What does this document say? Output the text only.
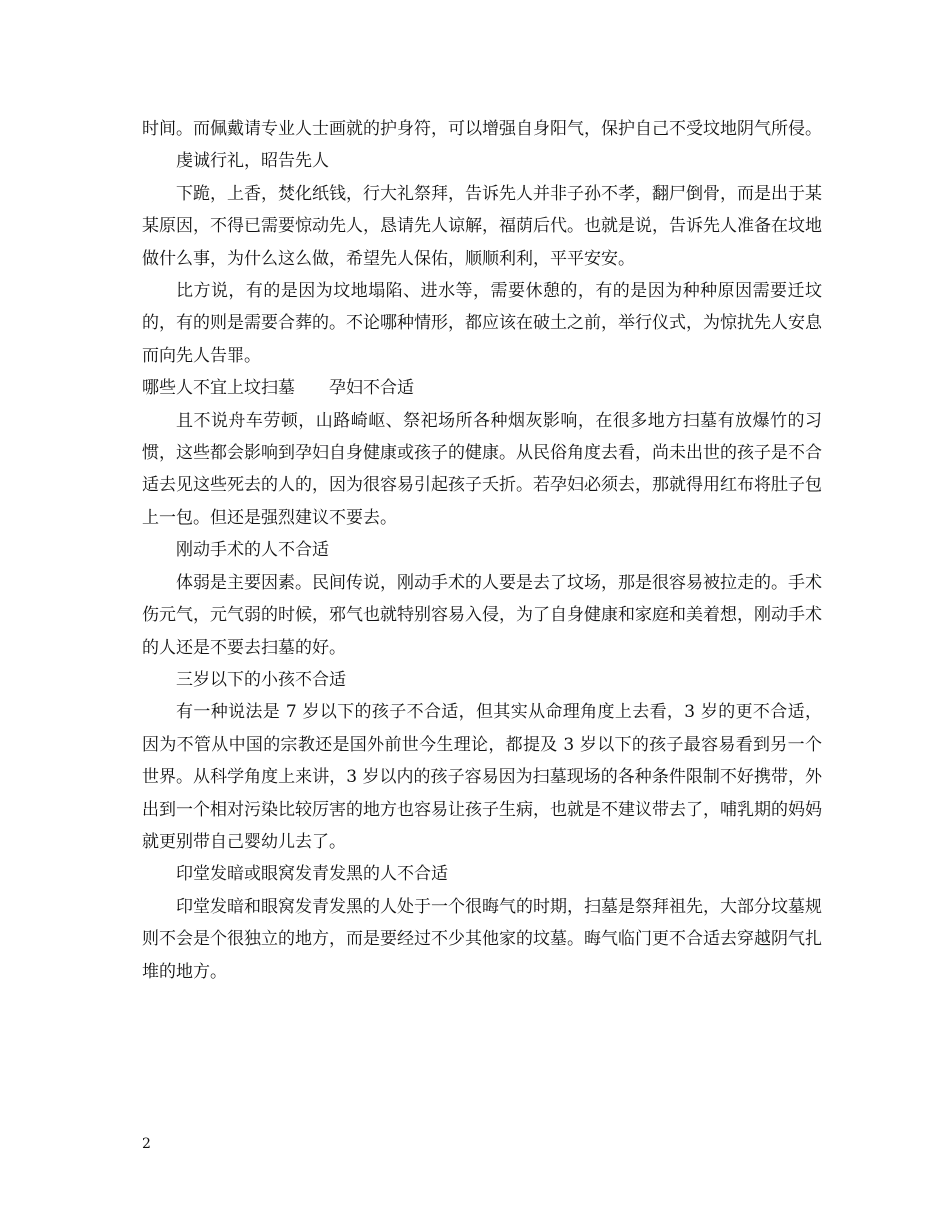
时间。而佩戴请专业人士画就的护身符，可以增强自身阳气，保护自己不受坟地阴气所侵。

虔诚行礼，昭告先人

下跪，上香，焚化纸钱，行大礼祭拜，告诉先人并非子孙不孝，翻尸倒骨，而是出于某某原因，不得已需要惊动先人，恳请先人谅解，福荫后代。也就是说，告诉先人准备在坟地做什么事，为什么这么做，希望先人保佑，顺顺利利，平平安安。

比方说，有的是因为坟地塌陷、进水等，需要休憩的，有的是因为种种原因需要迁坟的，有的则是需要合葬的。不论哪种情形，都应该在破土之前，举行仪式，为惊扰先人安息而向先人告罪。

哪些人不宜上坟扫墓　　孕妇不合适

且不说舟车劳顿，山路崎岖、祭祀场所各种烟灰影响，在很多地方扫墓有放爆竹的习惯，这些都会影响到孕妇自身健康或孩子的健康。从民俗角度去看，尚未出世的孩子是不合适去见这些死去的人的，因为很容易引起孩子夭折。若孕妇必须去，那就得用红布将肚子包上一包。但还是强烈建议不要去。

刚动手术的人不合适

体弱是主要因素。民间传说，刚动手术的人要是去了坟场，那是很容易被拉走的。手术伤元气，元气弱的时候，邪气也就特别容易入侵，为了自身健康和家庭和美着想，刚动手术的人还是不要去扫墓的好。

三岁以下的小孩不合适

有一种说法是 7 岁以下的孩子不合适，但其实从命理角度上去看，3 岁的更不合适，因为不管从中国的宗教还是国外前世今生理论，都提及 3 岁以下的孩子最容易看到另一个世界。从科学角度上来讲，3 岁以内的孩子容易因为扫墓现场的各种条件限制不好携带，外出到一个相对污染比较厉害的地方也容易让孩子生病，也就是不建议带去了，哺乳期的妈妈就更别带自己婴幼儿去了。

印堂发暗或眼窝发青发黑的人不合适

印堂发暗和眼窝发青发黑的人处于一个很晦气的时期，扫墓是祭拜祖先，大部分坟墓规则不会是个很独立的地方，而是要经过不少其他家的坟墓。晦气临门更不合适去穿越阴气扎堆的地方。

2
